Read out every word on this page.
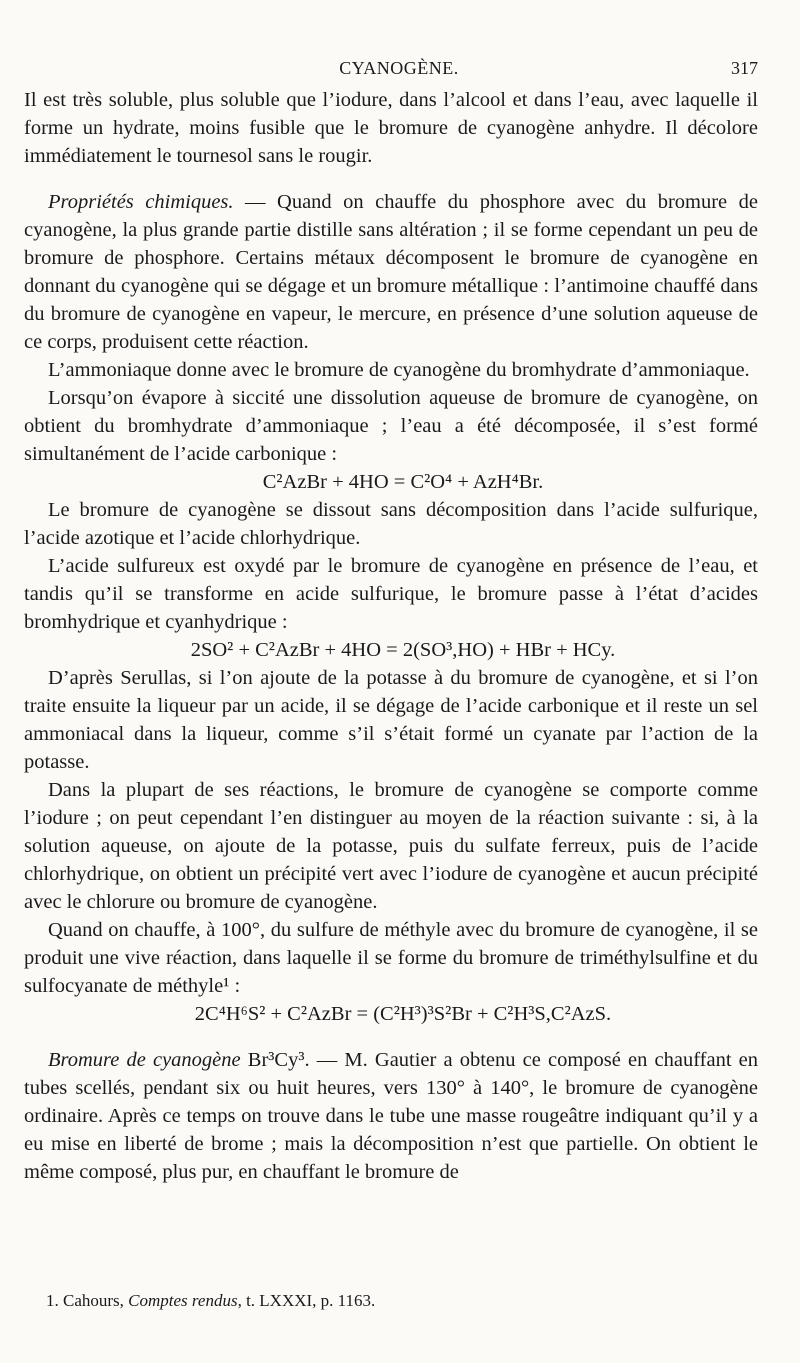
CYANOGÈNE.	317

Il est très soluble, plus soluble que l’iodure, dans l’alcool et dans l’eau, avec laquelle il forme un hydrate, moins fusible que le bromure de cyanogène anhydre. Il décolore immédiatement le tournesol sans le rougir.

Propriétés chimiques. — Quand on chauffe du phosphore avec du bromure de cyanogène, la plus grande partie distille sans altération ; il se forme cependant un peu de bromure de phosphore. Certains métaux décomposent le bromure de cyanogène en donnant du cyanogène qui se dégage et un bromure métallique : l’antimoine chauffé dans du bromure de cyanogène en vapeur, le mercure, en présence d’une solution aqueuse de ce corps, produisent cette réaction.

L’ammoniaque donne avec le bromure de cyanogène du bromhydrate d’ammoniaque.

Lorsqu’on évapore à siccité une dissolution aqueuse de bromure de cyanogène, on obtient du bromhydrate d’ammoniaque ; l’eau a été décomposée, il s’est formé simultanément de l’acide carbonique :

C²AzBr + 4HO = C²O⁴ + AzH⁴Br.

Le bromure de cyanogène se dissout sans décomposition dans l’acide sulfurique, l’acide azotique et l’acide chlorhydrique.

L’acide sulfureux est oxydé par le bromure de cyanogène en présence de l’eau, et tandis qu’il se transforme en acide sulfurique, le bromure passe à l’état d’acides bromhydrique et cyanhydrique :

2SO² + C²AzBr + 4HO = 2(SO³,HO) + HBr + HCy.

D’après Serullas, si l’on ajoute de la potasse à du bromure de cyanogène, et si l’on traite ensuite la liqueur par un acide, il se dégage de l’acide carbonique et il reste un sel ammoniacal dans la liqueur, comme s’il s’était formé un cyanate par l’action de la potasse.

Dans la plupart de ses réactions, le bromure de cyanogène se comporte comme l’iodure ; on peut cependant l’en distinguer au moyen de la réaction suivante : si, à la solution aqueuse, on ajoute de la potasse, puis du sulfate ferreux, puis de l’acide chlorhydrique, on obtient un précipité vert avec l’iodure de cyanogène et aucun précipité avec le chlorure ou bromure de cyanogène.

Quand on chauffe, à 100°, du sulfure de méthyle avec du bromure de cyanogène, il se produit une vive réaction, dans laquelle il se forme du bromure de triméthylsulfine et du sulfocyanate de méthyle¹ :

2C⁴H⁶S² + C²AzBr = (C²H³)³S²Br + C²H³S,C²AzS.

Bromure de cyanogène Br³Cy³. — M. Gautier a obtenu ce composé en chauffant en tubes scellés, pendant six ou huit heures, vers 130° à 140°, le bromure de cyanogène ordinaire. Après ce temps on trouve dans le tube une masse rougeâtre indiquant qu’il y a eu mise en liberté de brome ; mais la décomposition n’est que partielle. On obtient le même composé, plus pur, en chauffant le bromure de

1. Cahours, Comptes rendus, t. LXXXI, p. 1163.
